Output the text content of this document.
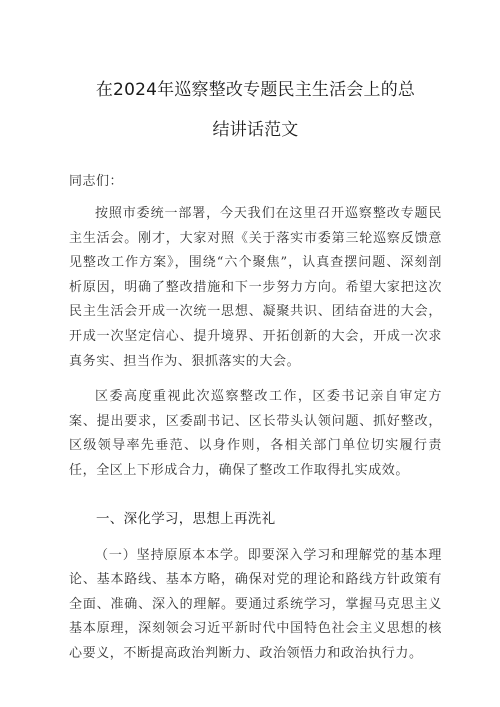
在2024年巡察整改专题民主生活会上的总
结讲话范文

同志们：

按照市委统一部署，今天我们在这里召开巡察整改专题民主生活会。刚才，大家对照《关于落实市委第三轮巡察反馈意见整改工作方案》，围绕“六个聚焦”，认真查摆问题、深刻剖析原因，明确了整改措施和下一步努力方向。希望大家把这次民主生活会开成一次统一思想、凝聚共识、团结奋进的大会，开成一次坚定信心、提升境界、开拓创新的大会，开成一次求真务实、担当作为、狠抓落实的大会。

区委高度重视此次巡察整改工作，区委书记亲自审定方案、提出要求，区委副书记、区长带头认领问题、抓好整改，区级领导率先垂范、以身作则，各相关部门单位切实履行责任，全区上下形成合力，确保了整改工作取得扎实成效。

一、深化学习，思想上再洗礼

（一）坚持原原本本学。即要深入学习和理解党的基本理论、基本路线、基本方略，确保对党的理论和路线方针政策有全面、准确、深入的理解。要通过系统学习，掌握马克思主义基本原理，深刻领会习近平新时代中国特色社会主义思想的核心要义，不断提高政治判断力、政治领悟力和政治执行力。
